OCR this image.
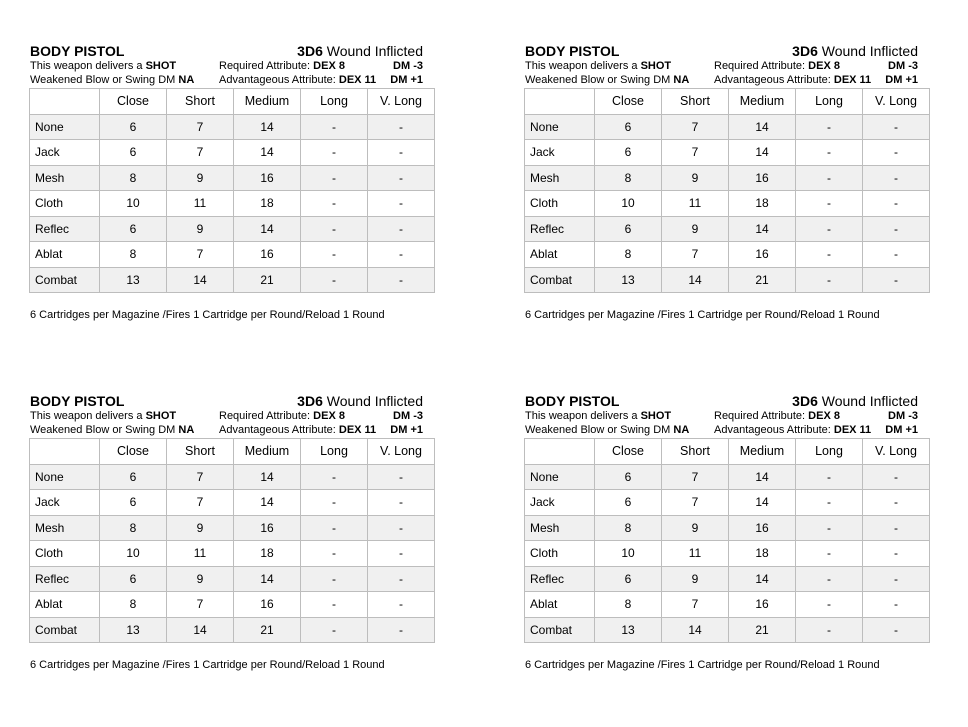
BODY PISTOL	3D6 Wound Inflicted
This weapon delivers a SHOT
Weakened Blow or Swing DM NA
Required Attribute: DEX 8
Advantageous Attribute: DEX 11
DM -3
DM +1
	Close	Short	Medium	Long	V. Long
None	6	7	14	-	-
Jack	6	7	14	-	-
Mesh	8	9	16	-	-
Cloth	10	11	18	-	-
Reflec	6	9	14	-	-
Ablat	8	7	16	-	-
Combat	13	14	21	-	-
6 Cartridges per Magazine /Fires 1 Cartridge per Round/Reload 1 Round
BODY PISTOL	3D6 Wound Inflicted
This weapon delivers a SHOT
Weakened Blow or Swing DM NA
Required Attribute: DEX 8
Advantageous Attribute: DEX 11
DM -3
DM +1
	Close	Short	Medium	Long	V. Long
None	6	7	14	-	-
Jack	6	7	14	-	-
Mesh	8	9	16	-	-
Cloth	10	11	18	-	-
Reflec	6	9	14	-	-
Ablat	8	7	16	-	-
Combat	13	14	21	-	-
6 Cartridges per Magazine /Fires 1 Cartridge per Round/Reload 1 Round
BODY PISTOL	3D6 Wound Inflicted
This weapon delivers a SHOT
Weakened Blow or Swing DM NA
Required Attribute: DEX 8
Advantageous Attribute: DEX 11
DM -3
DM +1
	Close	Short	Medium	Long	V. Long
None	6	7	14	-	-
Jack	6	7	14	-	-
Mesh	8	9	16	-	-
Cloth	10	11	18	-	-
Reflec	6	9	14	-	-
Ablat	8	7	16	-	-
Combat	13	14	21	-	-
6 Cartridges per Magazine /Fires 1 Cartridge per Round/Reload 1 Round
BODY PISTOL	3D6 Wound Inflicted
This weapon delivers a SHOT
Weakened Blow or Swing DM NA
Required Attribute: DEX 8
Advantageous Attribute: DEX 11
DM -3
DM +1
	Close	Short	Medium	Long	V. Long
None	6	7	14	-	-
Jack	6	7	14	-	-
Mesh	8	9	16	-	-
Cloth	10	11	18	-	-
Reflec	6	9	14	-	-
Ablat	8	7	16	-	-
Combat	13	14	21	-	-
6 Cartridges per Magazine /Fires 1 Cartridge per Round/Reload 1 Round
